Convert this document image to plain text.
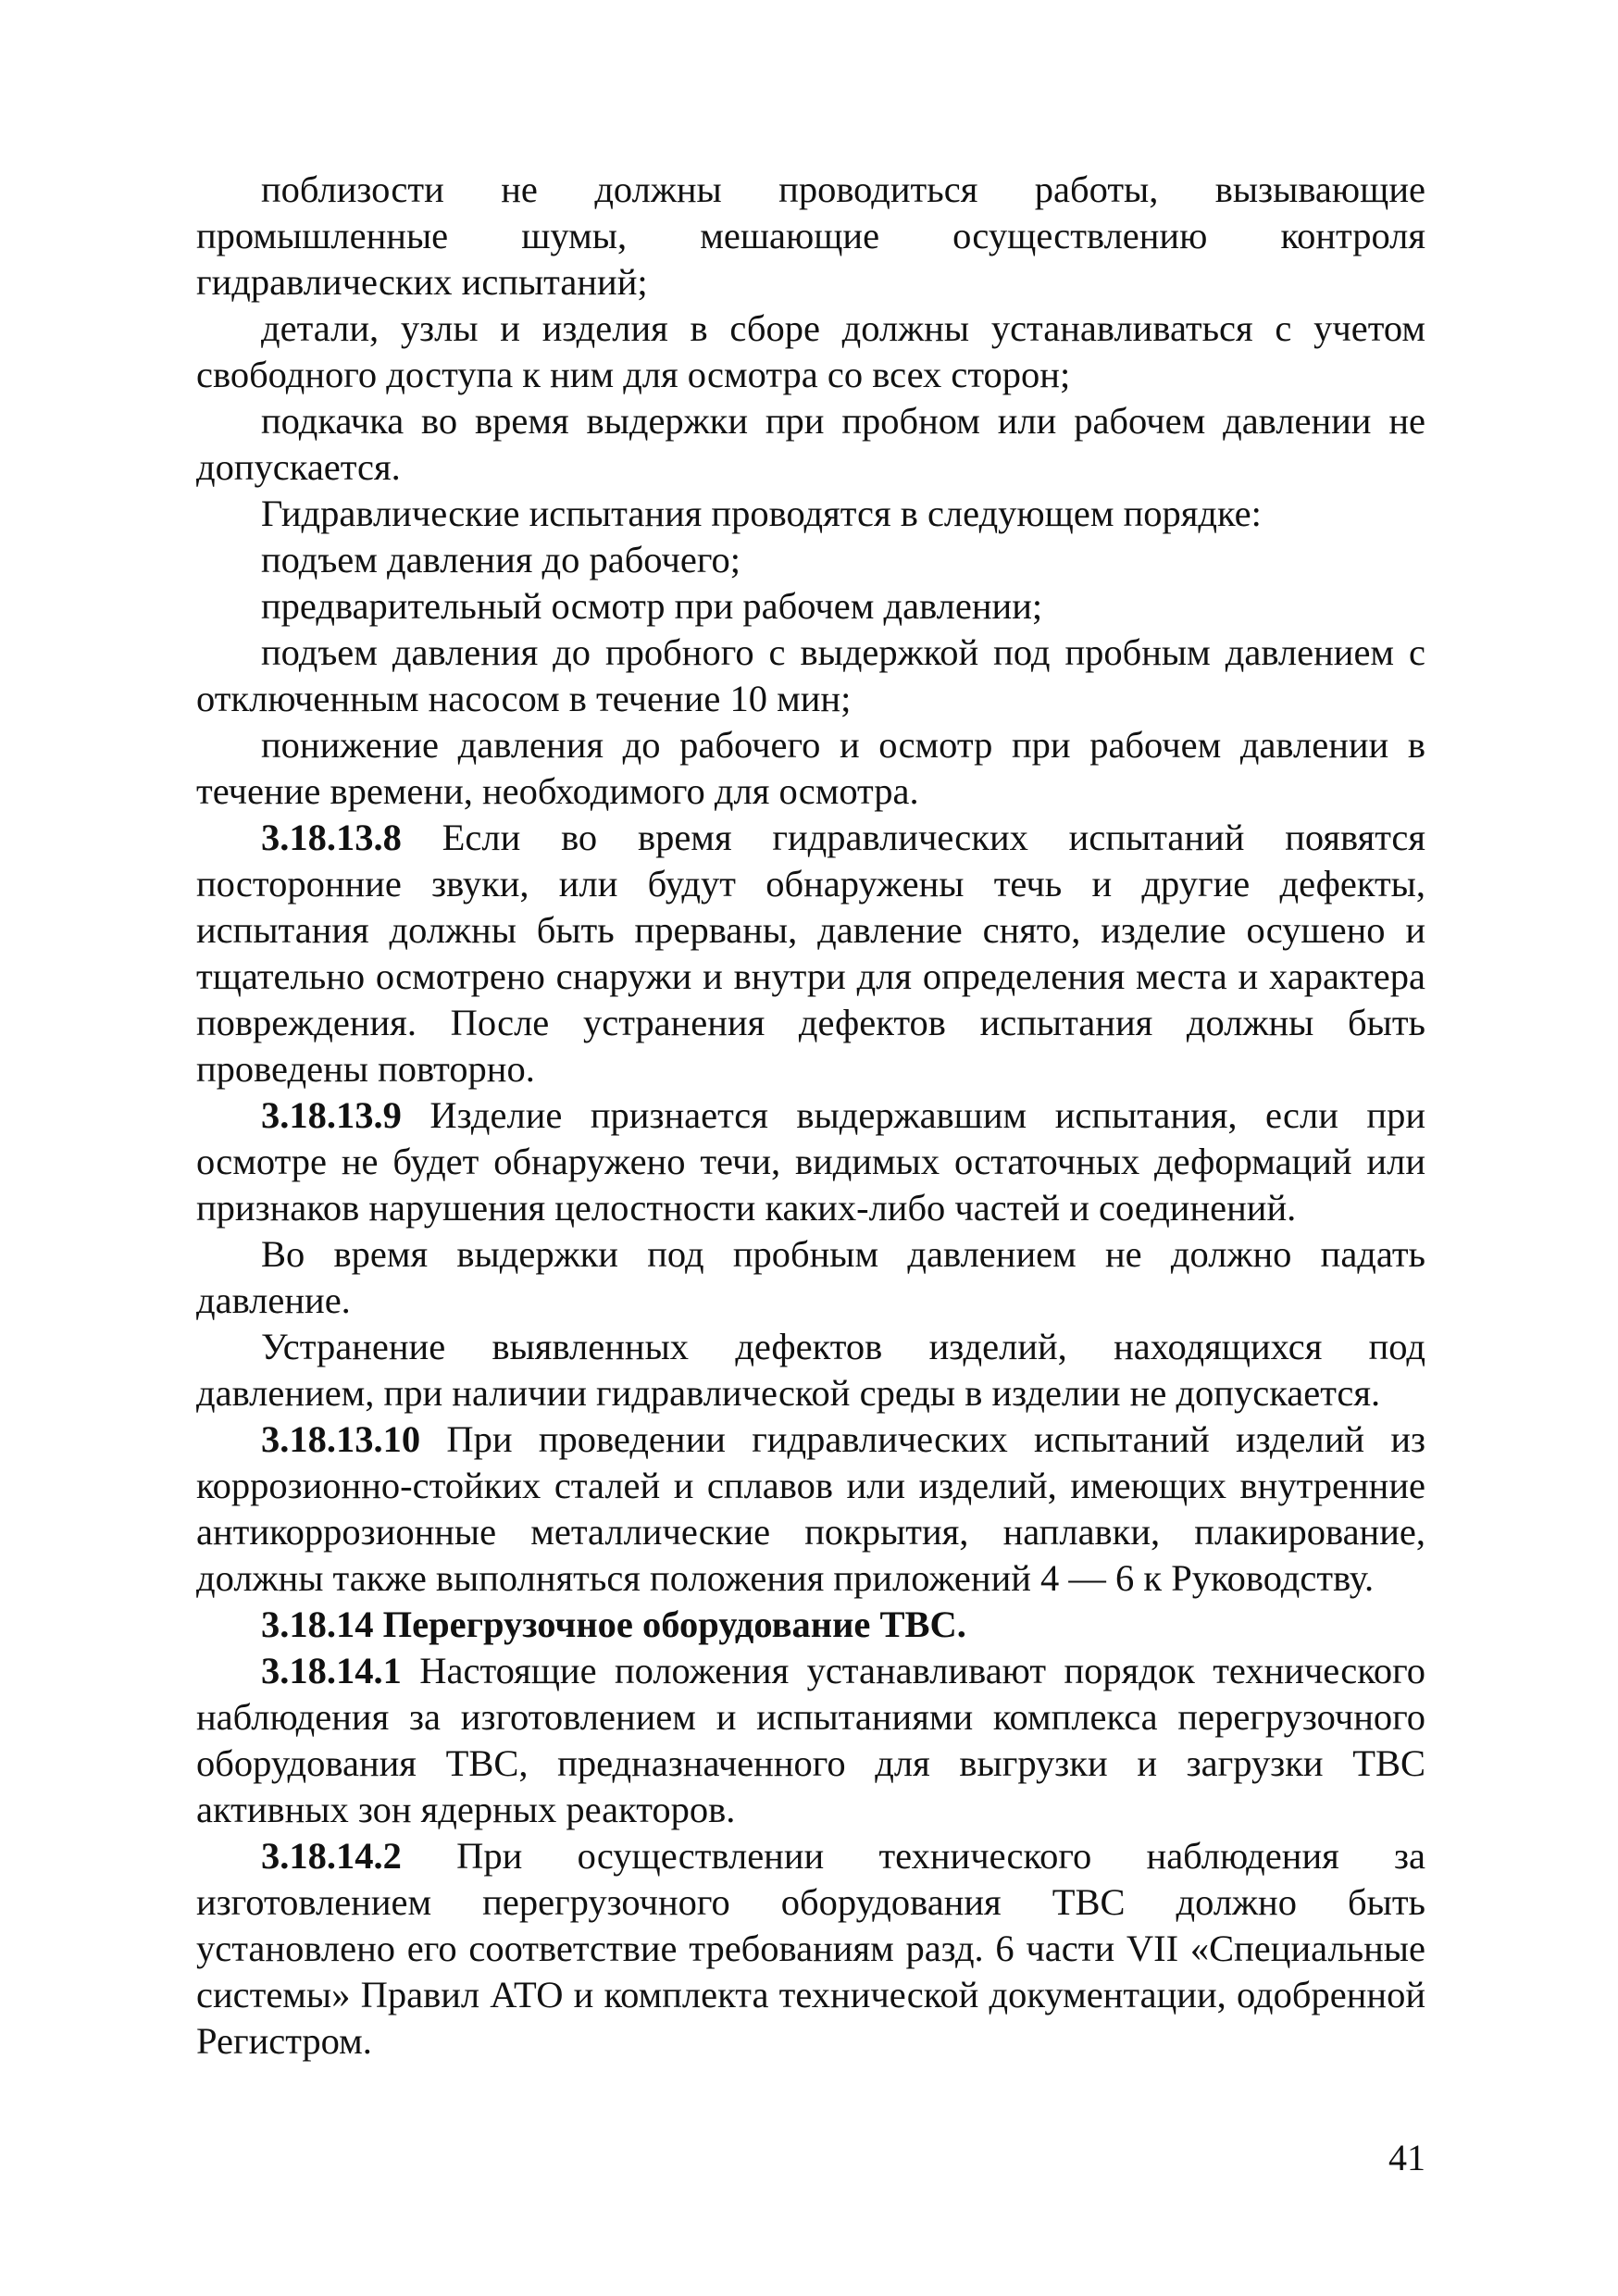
поблизости не должны проводиться работы, вызывающие промышленные шумы, мешающие осуществлению контроля гидравлических испытаний;

детали, узлы и изделия в сборе должны устанавливаться с учетом свободного доступа к ним для осмотра со всех сторон;

подкачка во время выдержки при пробном или рабочем давлении не допускается.

Гидравлические испытания проводятся в следующем порядке:

подъем давления до рабочего;

предварительный осмотр при рабочем давлении;

подъем давления до пробного с выдержкой под пробным давлением с отключенным насосом в течение 10 мин;

понижение давления до рабочего и осмотр при рабочем давлении в течение времени, необходимого для осмотра.

3.18.13.8 Если во время гидравлических испытаний появятся посторонние звуки, или будут обнаружены течь и другие дефекты, испытания должны быть прерваны, давление снято, изделие осушено и тщательно осмотрено снаружи и внутри для определения места и характера повреждения. После устранения дефектов испытания должны быть проведены повторно.

3.18.13.9 Изделие признается выдержавшим испытания, если при осмотре не будет обнаружено течи, видимых остаточных деформаций или признаков нарушения целостности каких-либо частей и соединений.

Во время выдержки под пробным давлением не должно падать давление.

Устранение выявленных дефектов изделий, находящихся под давлением, при наличии гидравлической среды в изделии не допускается.

3.18.13.10 При проведении гидравлических испытаний изделий из коррозионно-стойких сталей и сплавов или изделий, имеющих внутренние антикоррозионные металлические покрытия, наплавки, плакирование, должны также выполняться положения приложений 4 — 6 к Руководству.

3.18.14 Перегрузочное оборудование ТВС.

3.18.14.1 Настоящие положения устанавливают порядок технического наблюдения за изготовлением и испытаниями комплекса перегрузочного оборудования ТВС, предназначенного для выгрузки и загрузки ТВС активных зон ядерных реакторов.

3.18.14.2 При осуществлении технического наблюдения за изготовлением перегрузочного оборудования ТВС должно быть установлено его соответствие требованиям разд. 6 части VII «Специальные системы» Правил АТО и комплекта технической документации, одобренной Регистром.

41
